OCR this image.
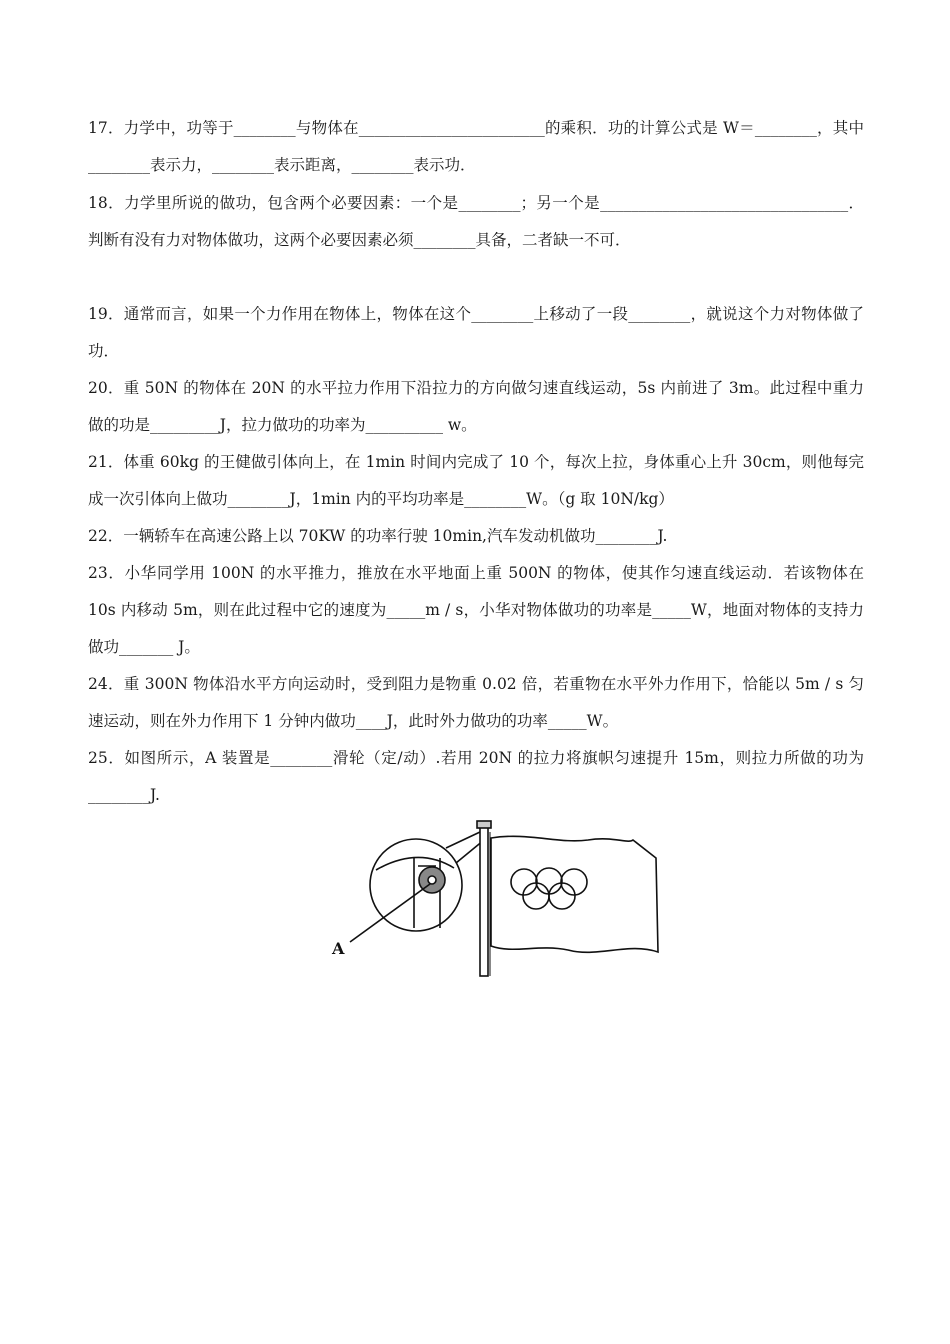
17．力学中，功等于________与物体在________________________的乘积．功的计算公式是 W＝________，其中________表示力，________表示距离，________表示功．
18．力学里所说的做功，包含两个必要因素：一个是________；另一个是________________________________．判断有没有力对物体做功，这两个必要因素必须________具备，二者缺一不可．
19．通常而言，如果一个力作用在物体上，物体在这个________上移动了一段________，就说这个力对物体做了功．
20．重 50N 的物体在 20N 的水平拉力作用下沿拉力的方向做匀速直线运动，5s 内前进了 3m。此过程中重力做的功是_________J，拉力做功的功率为__________ w。
21．体重 60kg 的王健做引体向上，在 1min 时间内完成了 10 个，每次上拉，身体重心上升 30cm，则他每完成一次引体向上做功________J，1min 内的平均功率是________W。（g 取 10N/kg）
22．一辆轿车在高速公路上以 70KW 的功率行驶 10min,汽车发动机做功________J.
23．小华同学用 100N 的水平推力，推放在水平地面上重 500N 的物体，使其作匀速直线运动．若该物体在 10s 内移动 5m，则在此过程中它的速度为_____m / s，小华对物体做功的功率是_____W，地面对物体的支持力做功_______ J。
24．重 300N 物体沿水平方向运动时，受到阻力是物重 0.02 倍，若重物在水平外力作用下，恰能以 5m / s 匀速运动，则在外力作用下 1 分钟内做功____J，此时外力做功的功率_____W。
25．如图所示，A 装置是________滑轮（定/动）.若用 20N 的拉力将旗帜匀速提升 15m，则拉力所做的功为________J.
A
